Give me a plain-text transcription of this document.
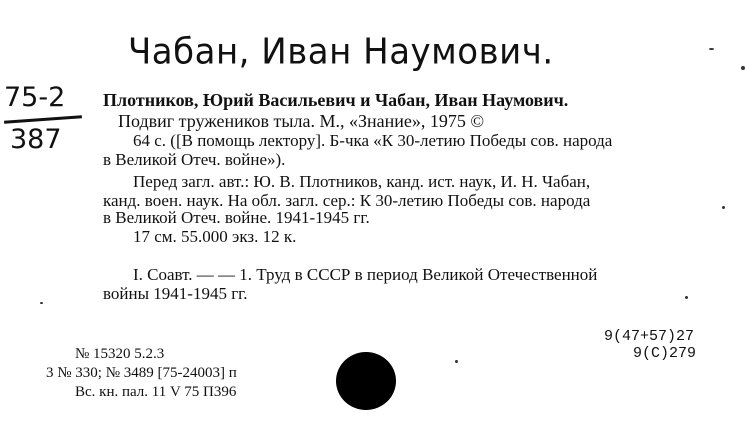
Чабан, Иван Наумович.
75-2
387
Плотников, Юрий Васильевич и Чабан, Иван Наумович.
Подвиг тружеников тыла. М., «Знание», 1975 ©
64 с. ([В помощь лектору]. Б-чка «К 30-летию Победы сов. народа
в Великой Отеч. войне»).
Перед загл. авт.: Ю. В. Плотников, канд. ист. наук, И. Н. Чабан,
канд. воен. наук. На обл. загл. сер.: К 30-летию Победы сов. народа
в Великой Отеч. войне. 1941-1945 гг.
17 см. 55.000 экз. 12 к.
I. Соавт. — — 1. Труд в СССР в период Великой Отечественной
войны 1941-1945 гг.
9(47+57)27
9(С)279
№ 15320 5.2.3
3 № 330; № 3489 [75-24003] п
Вс. кн. пал. 11 V 75 П396
